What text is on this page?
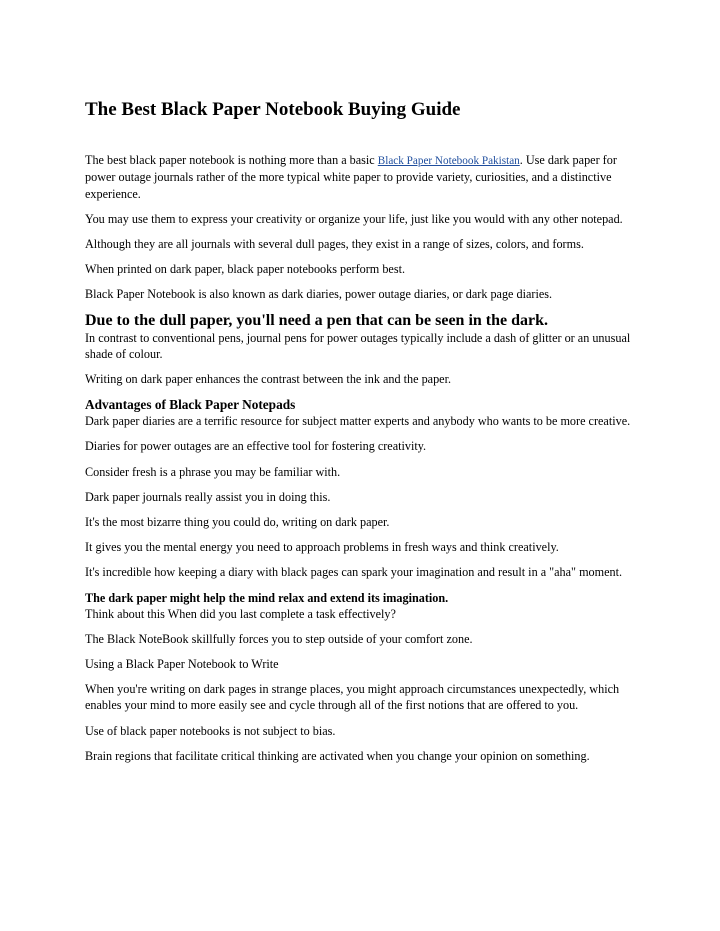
The Best Black Paper Notebook Buying Guide

The best black paper notebook is nothing more than a basic Black Paper Notebook Pakistan. Use dark paper for power outage journals rather of the more typical white paper to provide variety, curiosities, and a distinctive experience.

You may use them to express your creativity or organize your life, just like you would with any other notepad.

Although they are all journals with several dull pages, they exist in a range of sizes, colors, and forms.

When printed on dark paper, black paper notebooks perform best.

Black Paper Notebook is also known as dark diaries, power outage diaries, or dark page diaries.

Due to the dull paper, you'll need a pen that can be seen in the dark.

In contrast to conventional pens, journal pens for power outages typically include a dash of glitter or an unusual shade of colour.

Writing on dark paper enhances the contrast between the ink and the paper.

Advantages of Black Paper Notepads

Dark paper diaries are a terrific resource for subject matter experts and anybody who wants to be more creative.

Diaries for power outages are an effective tool for fostering creativity.

Consider fresh is a phrase you may be familiar with.

Dark paper journals really assist you in doing this.

It's the most bizarre thing you could do, writing on dark paper.

It gives you the mental energy you need to approach problems in fresh ways and think creatively.

It's incredible how keeping a diary with black pages can spark your imagination and result in a "aha" moment.

The dark paper might help the mind relax and extend its imagination.

Think about this When did you last complete a task effectively?

The Black NoteBook skillfully forces you to step outside of your comfort zone.

Using a Black Paper Notebook to Write

When you're writing on dark pages in strange places, you might approach circumstances unexpectedly, which enables your mind to more easily see and cycle through all of the first notions that are offered to you.

Use of black paper notebooks is not subject to bias.

Brain regions that facilitate critical thinking are activated when you change your opinion on something.
